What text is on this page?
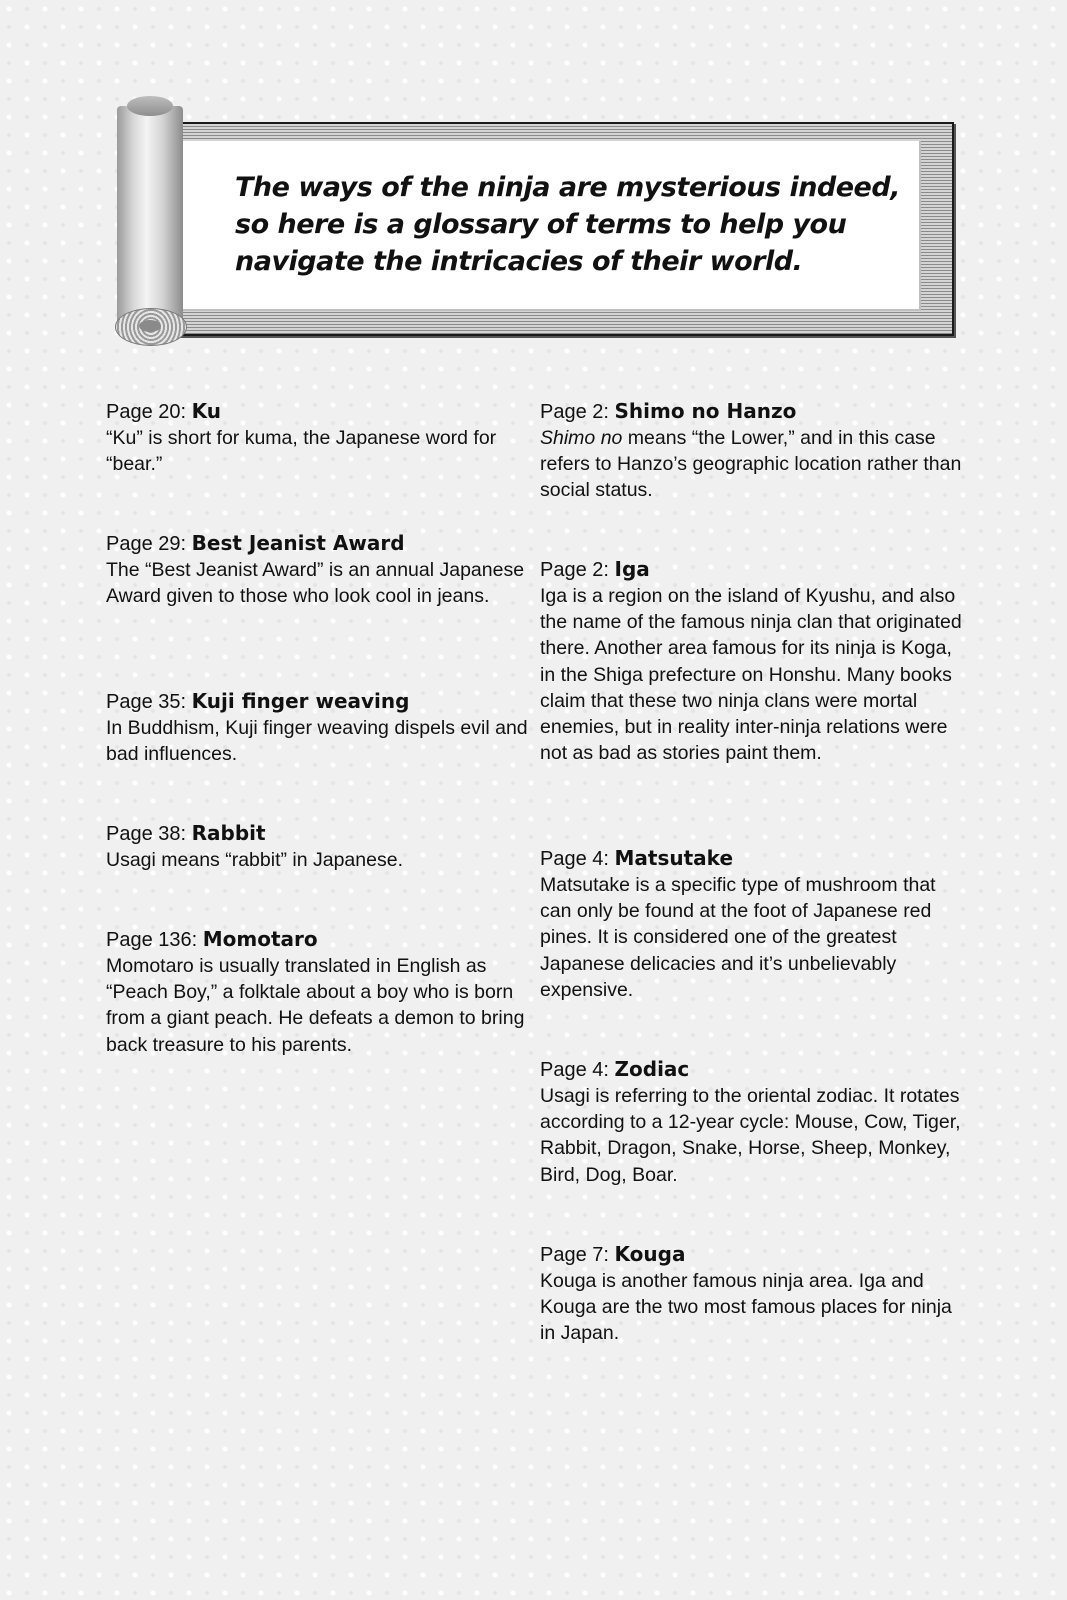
The ways of the ninja are mysterious indeed, so here is a glossary of terms to help you navigate the intricacies of their world.

Page 20: Ku

“Ku” is short for kuma, the Japanese word for “bear.”

Page 29: Best Jeanist Award

The “Best Jeanist Award” is an annual Japanese Award given to those who look cool in jeans.

Page 35: Kuji finger weaving

In Buddhism, Kuji finger weaving dispels evil and bad influences.

Page 38: Rabbit

Usagi means “rabbit” in Japanese.

Page 136: Momotaro

Momotaro is usually translated in English as “Peach Boy,” a folktale about a boy who is born from a giant peach. He defeats a demon to bring back treasure to his parents.

Page 2: Shimo no Hanzo

Shimo no means “the Lower,” and in this case refers to Hanzo’s geographic location rather than social status.

Page 2: Iga

Iga is a region on the island of Kyushu, and also the name of the famous ninja clan that originated there. Another area famous for its ninja is Koga, in the Shiga prefecture on Honshu. Many books claim that these two ninja clans were mortal enemies, but in reality inter-ninja relations were not as bad as stories paint them.

Page 4: Matsutake

Matsutake is a specific type of mushroom that can only be found at the foot of Japanese red pines. It is considered one of the greatest Japanese delicacies and it’s unbelievably expensive.

Page 4: Zodiac

Usagi is referring to the oriental zodiac. It rotates according to a 12-year cycle: Mouse, Cow, Tiger, Rabbit, Dragon, Snake, Horse, Sheep, Monkey, Bird, Dog, Boar.

Page 7: Kouga

Kouga is another famous ninja area. Iga and Kouga are the two most famous places for ninja in Japan.
